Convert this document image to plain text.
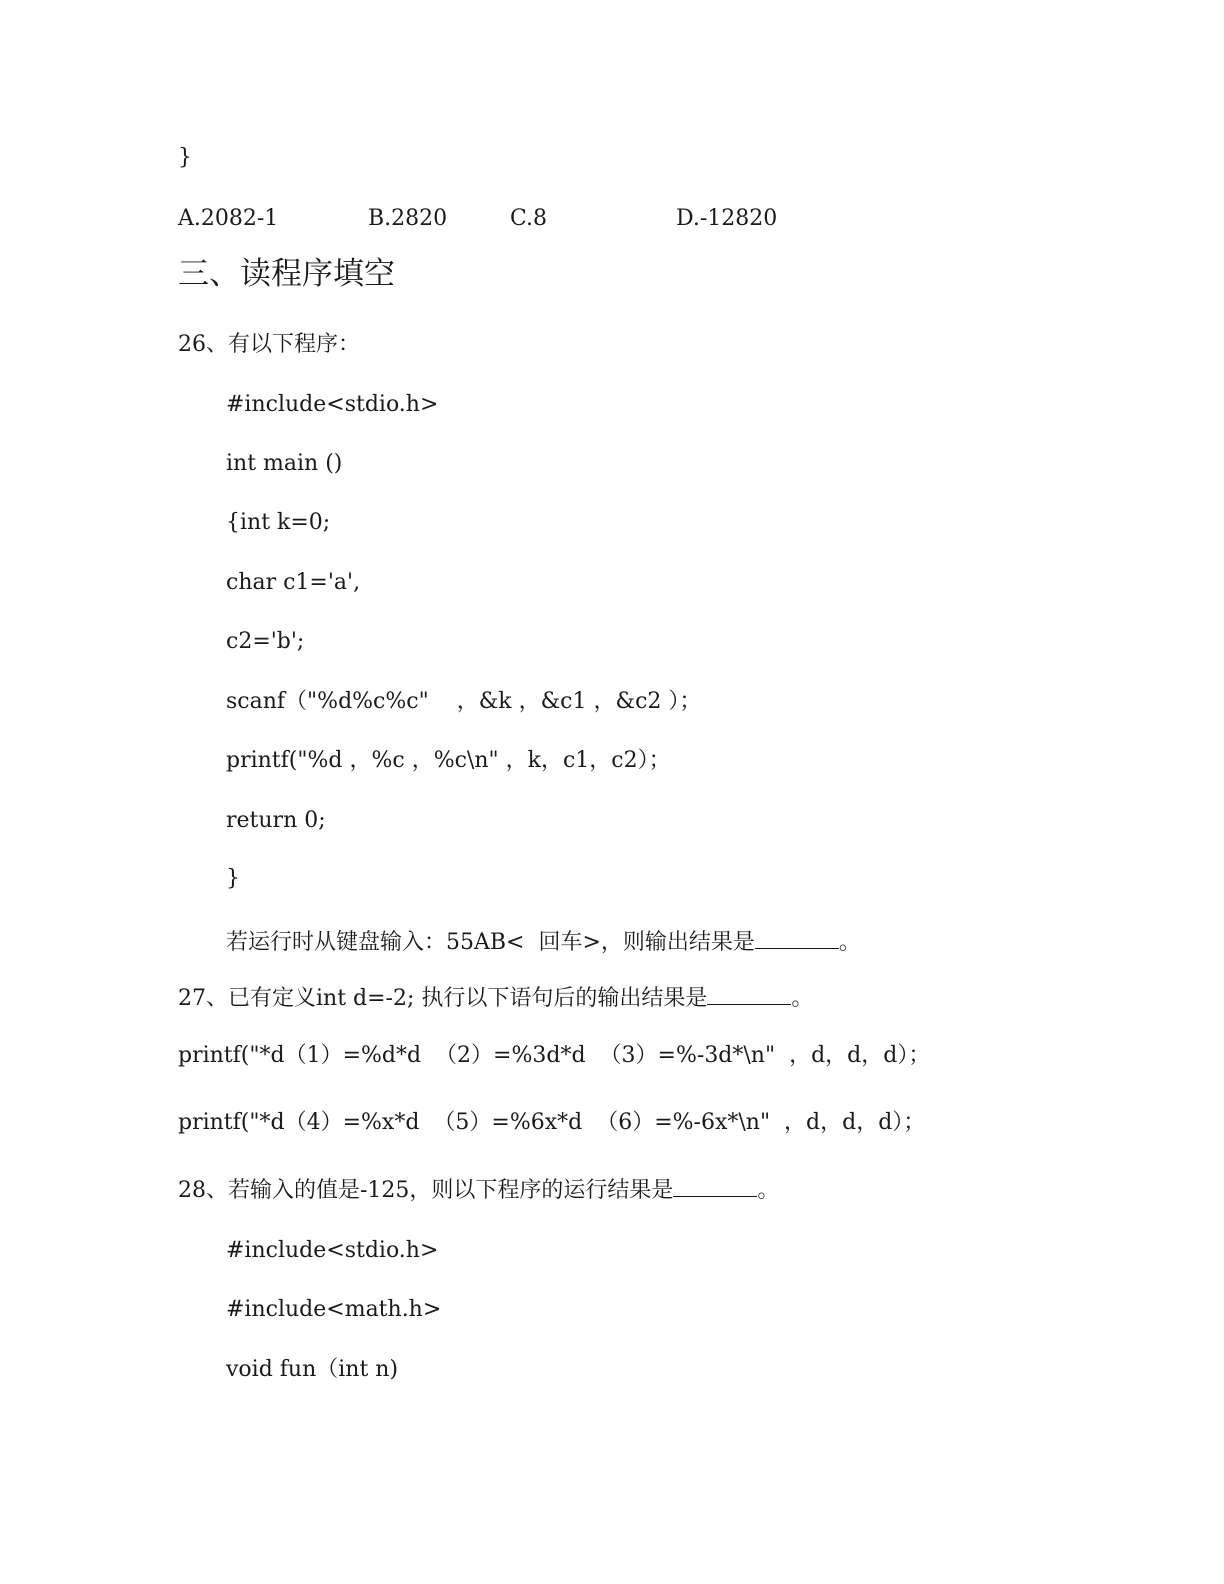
}
A.2082-1	B.2820	C.8	D.-12820
三、读程序填空
26、有以下程序：
#include<stdio.h>
int main ()
{int k=0;
char c1='a',
c2='b';
scanf（"%d%c%c"    ，&k ，&c1 ，&c2 ）；
printf("%d ，%c ，%c\n" ，k，c1，c2）；
return 0;
}
若运行时从键盘输入：55AB<  回车>，则输出结果是	。
27、已有定义int d=-2; 执行以下语句后的输出结果是	。
printf("*d（1）=%d*d  （2）=%3d*d  （3）=%-3d*\n"  ，d，d，d）；
printf("*d（4）=%x*d  （5）=%6x*d  （6）=%-6x*\n"  ，d，d，d）；
28、若输入的值是-125，则以下程序的运行结果是	。
#include<stdio.h>
#include<math.h>
void fun（int n)
